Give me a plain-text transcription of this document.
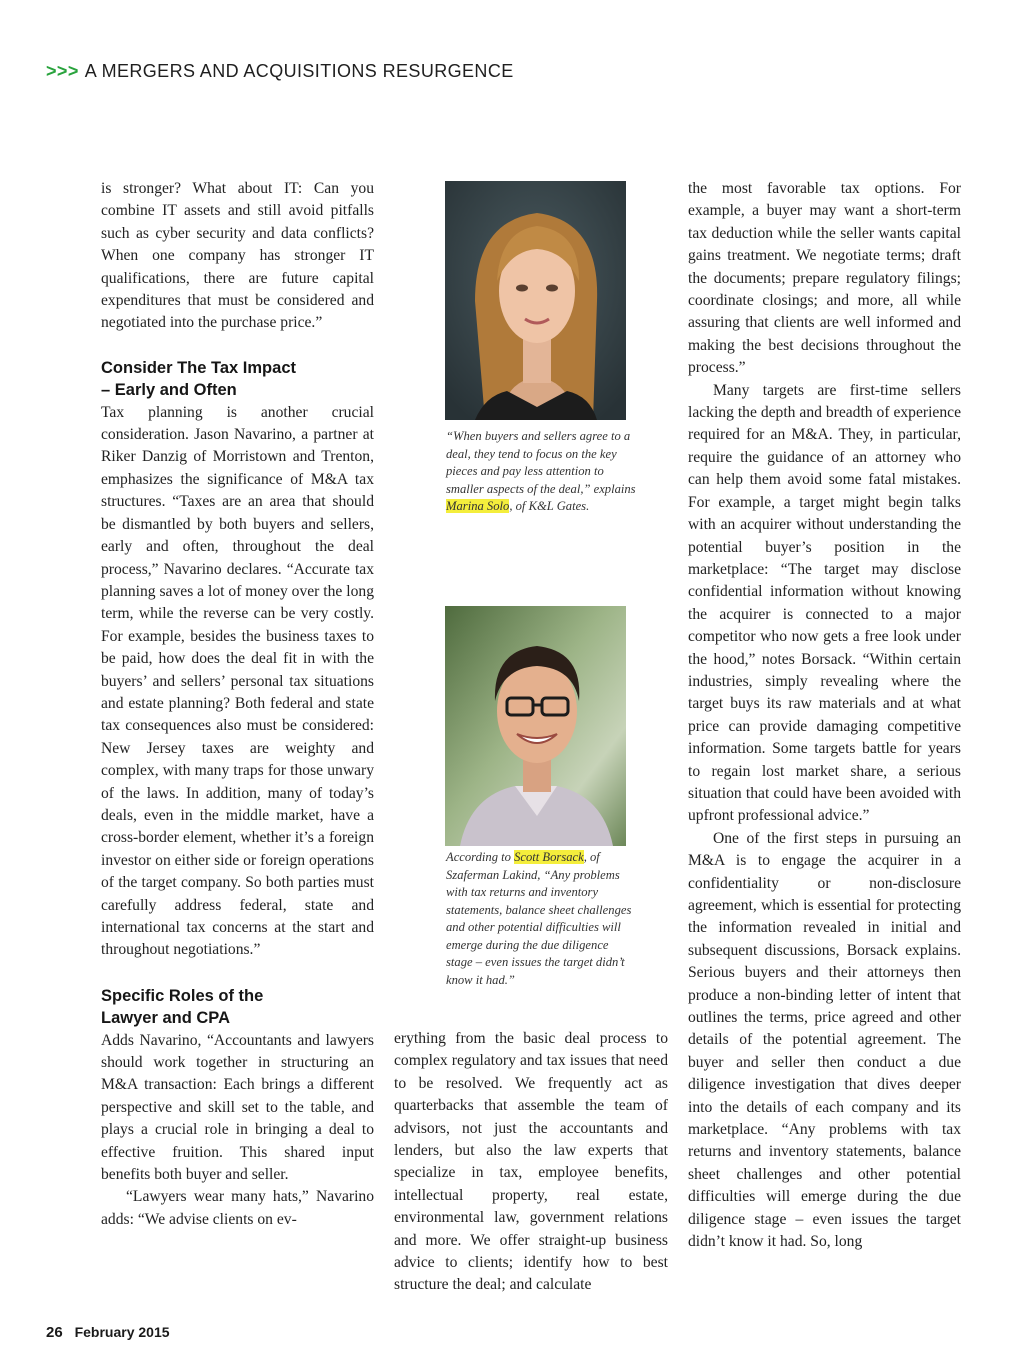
>>> A MERGERS AND ACQUISITIONS RESURGENCE

is stronger? What about IT: Can you combine IT assets and still avoid pitfalls such as cyber security and data conflicts? When one company has stronger IT qualifications, there are future capital expenditures that must be considered and negotiated into the purchase price.”

Consider The Tax Impact
– Early and Often

Tax planning is another crucial consideration. Jason Navarino, a partner at Riker Danzig of Morristown and Trenton, emphasizes the significance of M&A tax structures. “Taxes are an area that should be dismantled by both buyers and sellers, early and often, throughout the deal process,” Navarino declares. “Accurate tax planning saves a lot of money over the long term, while the reverse can be very costly. For example, besides the business taxes to be paid, how does the deal fit in with the buyers’ and sellers’ personal tax situations and estate planning? Both federal and state tax consequences also must be considered: New Jersey taxes are weighty and complex, with many traps for those unwary of the laws. In addition, many of today’s deals, even in the middle market, have a cross-border element, whether it’s a foreign investor on either side or foreign operations of the target company. So both parties must carefully address federal, state and international tax concerns at the start and throughout negotiations.”

Specific Roles of the
Lawyer and CPA

Adds Navarino, “Accountants and lawyers should work together in structuring an M&A transaction: Each brings a different perspective and skill set to the table, and plays a crucial role in bringing a deal to effective fruition. This shared input benefits both buyer and seller.

“Lawyers wear many hats,” Navarino adds: “We advise clients on ev-

“When buyers and sellers agree to a deal, they tend to focus on the key pieces and pay less attention to smaller aspects of the deal,” explains Marina Solo, of K&L Gates.
According to Scott Borsack, of Szaferman Lakind, “Any problems with tax returns and inventory statements, balance sheet challenges and other potential difficulties will emerge during the due diligence stage – even issues the target didn’t know it had.”

erything from the basic deal process to complex regulatory and tax issues that need to be resolved. We frequently act as quarterbacks that assemble the team of advisors, not just the accountants and lenders, but also the law experts that specialize in tax, employee benefits, intellectual property, real estate, environmental law, government relations and more. We offer straight-up business advice to clients; identify how to best structure the deal; and calculate

the most favorable tax options. For example, a buyer may want a short-term tax deduction while the seller wants capital gains treatment. We negotiate terms; draft the documents; prepare regulatory filings; coordinate closings; and more, all while assuring that clients are well informed and making the best decisions throughout the process.”

Many targets are first-time sellers lacking the depth and breadth of experience required for an M&A. They, in particular, require the guidance of an attorney who can help them avoid some fatal mistakes. For example, a target might begin talks with an acquirer without understanding the potential buyer’s position in the marketplace: “The target may disclose confidential information without knowing the acquirer is connected to a major competitor who now gets a free look under the hood,” notes Borsack. “Within certain industries, simply revealing where the target buys its raw materials and at what price can provide damaging competitive information. Some targets battle for years to regain lost market share, a serious situation that could have been avoided with upfront professional advice.”

One of the first steps in pursuing an M&A is to engage the acquirer in a confidentiality or non-disclosure agreement, which is essential for protecting the information revealed in initial and subsequent discussions, Borsack explains. Serious buyers and their attorneys then produce a non-binding letter of intent that outlines the terms, price agreed and other details of the potential agreement. The buyer and seller then conduct a due diligence investigation that dives deeper into the details of each company and its marketplace. “Any problems with tax returns and inventory statements, balance sheet challenges and other potential difficulties will emerge during the due diligence stage – even issues the target didn’t know it had. So, long

26 February 2015
